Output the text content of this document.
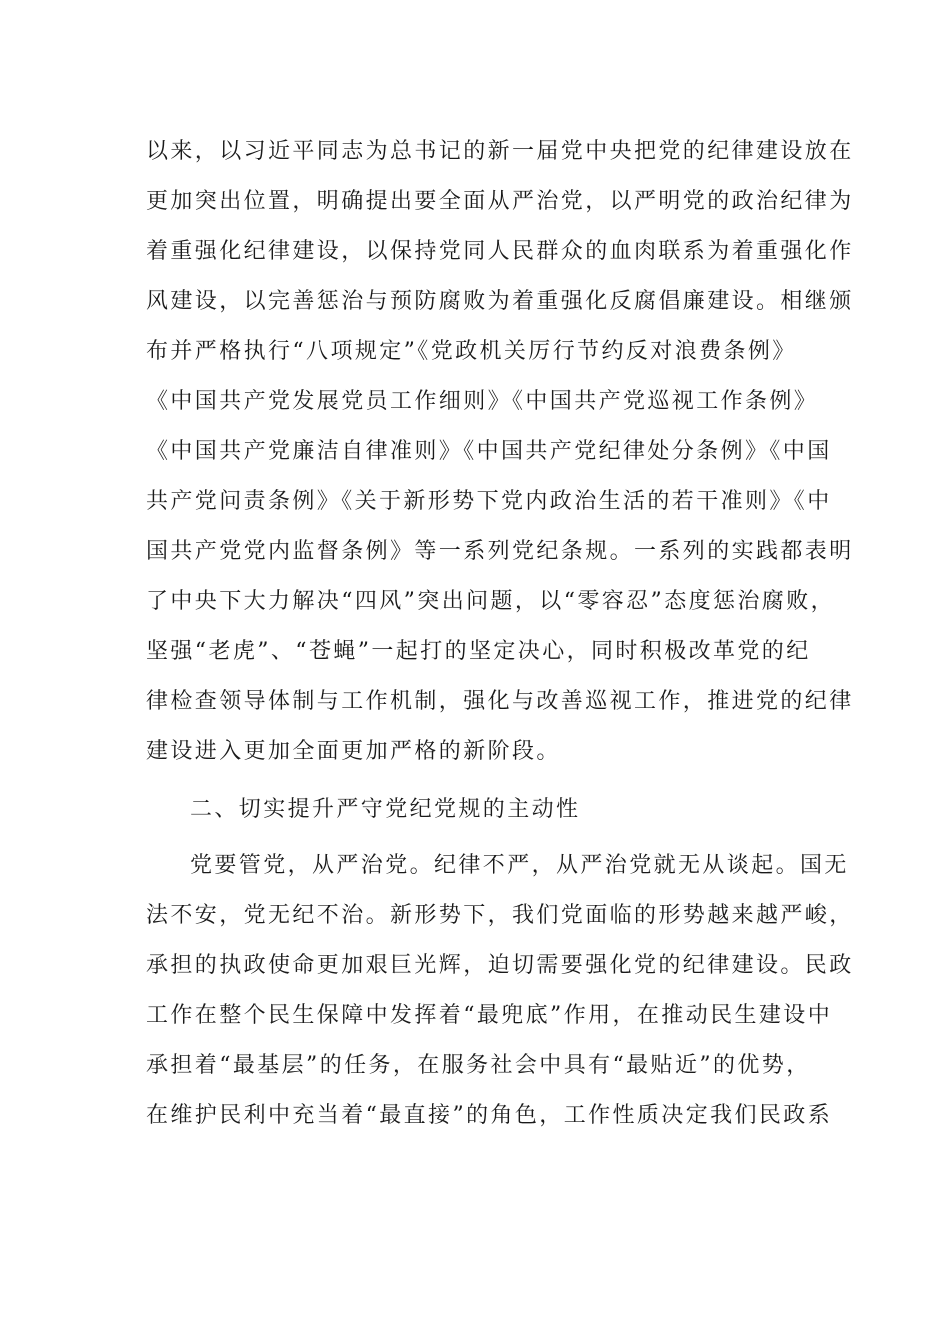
以来，以习近平同志为总书记的新一届党中央把党的纪律建设放在
更加突出位置，明确提出要全面从严治党，以严明党的政治纪律为
着重强化纪律建设，以保持党同人民群众的血肉联系为着重强化作
风建设，以完善惩治与预防腐败为着重强化反腐倡廉建设。相继颁
布并严格执行“八项规定”《党政机关厉行节约反对浪费条例》
《中国共产党发展党员工作细则》《中国共产党巡视工作条例》
《中国共产党廉洁自律准则》《中国共产党纪律处分条例》《中国
共产党问责条例》《关于新形势下党内政治生活的若干准则》《中
国共产党党内监督条例》等一系列党纪条规。一系列的实践都表明
了中央下大力解决“四风”突出问题，以“零容忍”态度惩治腐败，
坚强“老虎”、“苍蝇”一起打的坚定决心，同时积极改革党的纪
律检查领导体制与工作机制，强化与改善巡视工作，推进党的纪律
建设进入更加全面更加严格的新阶段。
二、切实提升严守党纪党规的主动性
党要管党，从严治党。纪律不严，从严治党就无从谈起。国无
法不安，党无纪不治。新形势下，我们党面临的形势越来越严峻，
承担的执政使命更加艰巨光辉，迫切需要强化党的纪律建设。民政
工作在整个民生保障中发挥着“最兜底”作用，在推动民生建设中
承担着“最基层”的任务，在服务社会中具有“最贴近”的优势，
在维护民利中充当着“最直接”的角色，工作性质决定我们民政系
